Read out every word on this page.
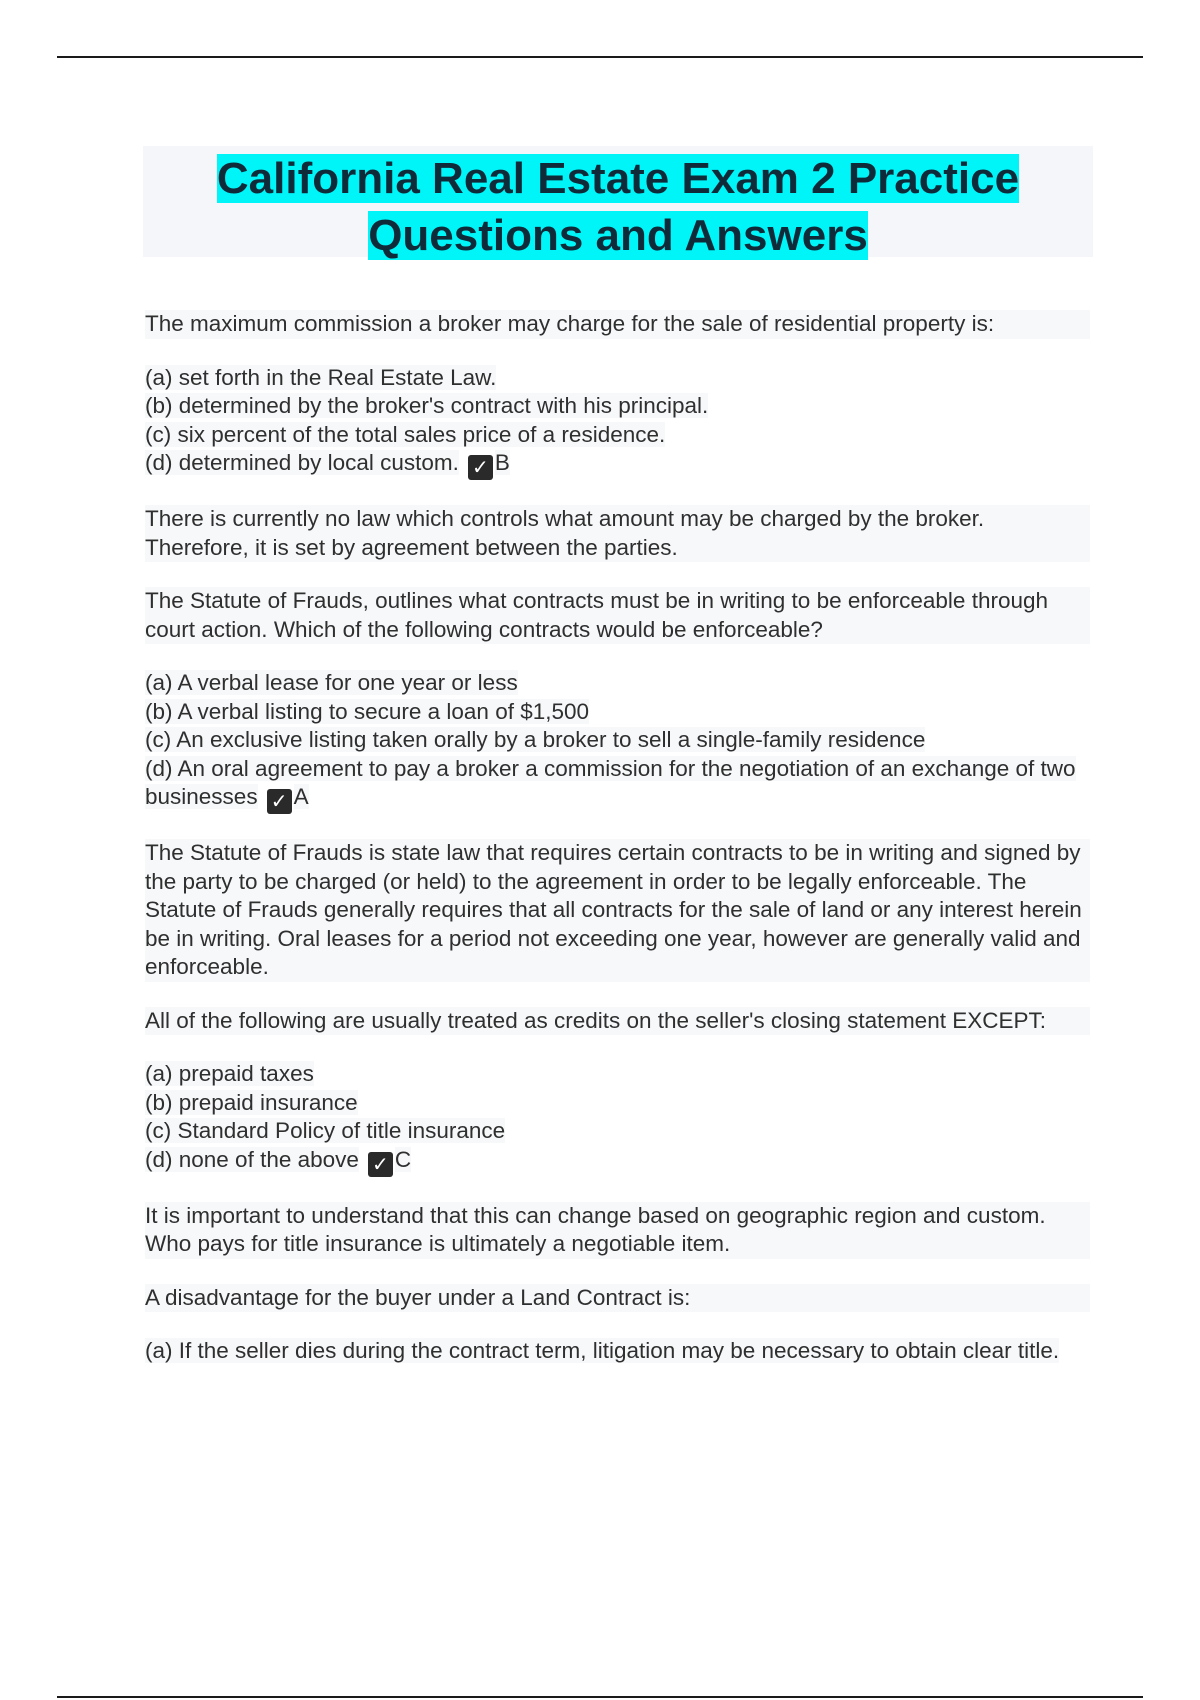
California Real Estate Exam 2 Practice Questions and Answers

The maximum commission a broker may charge for the sale of residential property is:

(a) set forth in the Real Estate Law.
(b) determined by the broker's contract with his principal.
(c) six percent of the total sales price of a residence.
(d) determined by local custom. ✓ B

There is currently no law which controls what amount may be charged by the broker. Therefore, it is set by agreement between the parties.

The Statute of Frauds, outlines what contracts must be in writing to be enforceable through court action. Which of the following contracts would be enforceable?

(a) A verbal lease for one year or less
(b) A verbal listing to secure a loan of $1,500
(c) An exclusive listing taken orally by a broker to sell a single-family residence
(d) An oral agreement to pay a broker a commission for the negotiation of an exchange of two businesses ✓ A

The Statute of Frauds is state law that requires certain contracts to be in writing and signed by the party to be charged (or held) to the agreement in order to be legally enforceable. The Statute of Frauds generally requires that all contracts for the sale of land or any interest herein be in writing. Oral leases for a period not exceeding one year, however are generally valid and enforceable.

All of the following are usually treated as credits on the seller's closing statement EXCEPT:

(a) prepaid taxes
(b) prepaid insurance
(c) Standard Policy of title insurance
(d) none of the above ✓ C

It is important to understand that this can change based on geographic region and custom. Who pays for title insurance is ultimately a negotiable item.

A disadvantage for the buyer under a Land Contract is:

(a) If the seller dies during the contract term, litigation may be necessary to obtain clear title.
